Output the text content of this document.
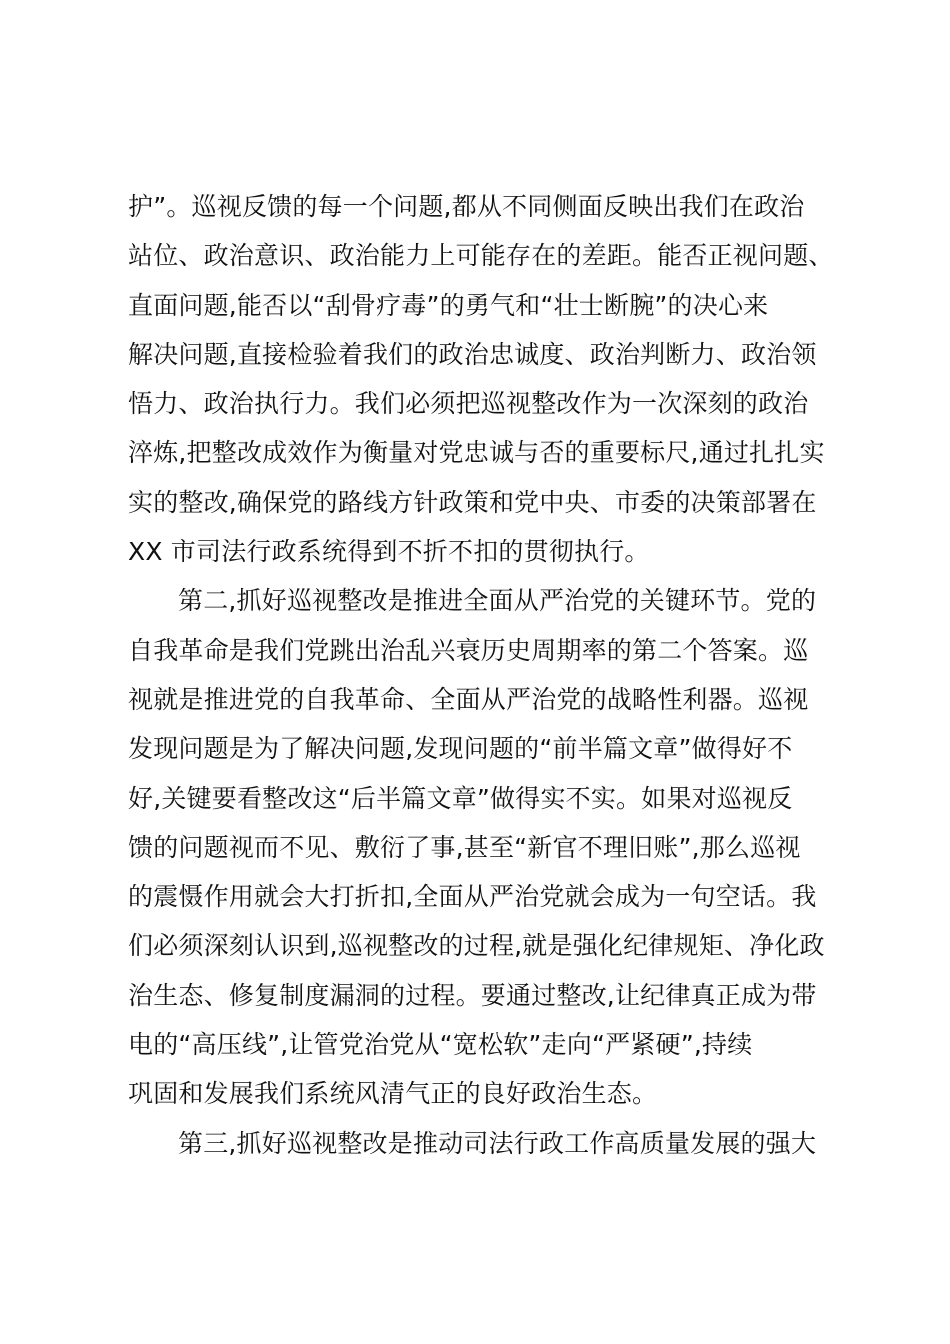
护”。巡视反馈的每一个问题,都从不同侧面反映出我们在政治
站位、政治意识、政治能力上可能存在的差距。能否正视问题、
直面问题,能否以“刮骨疗毒”的勇气和“壮士断腕”的决心来
解决问题,直接检验着我们的政治忠诚度、政治判断力、政治领
悟力、政治执行力。我们必须把巡视整改作为一次深刻的政治
淬炼,把整改成效作为衡量对党忠诚与否的重要标尺,通过扎扎实
实的整改,确保党的路线方针政策和党中央、市委的决策部署在
XX 市司法行政系统得到不折不扣的贯彻执行。
第二,抓好巡视整改是推进全面从严治党的关键环节。党的
自我革命是我们党跳出治乱兴衰历史周期率的第二个答案。巡
视就是推进党的自我革命、全面从严治党的战略性利器。巡视
发现问题是为了解决问题,发现问题的“前半篇文章”做得好不
好,关键要看整改这“后半篇文章”做得实不实。如果对巡视反
馈的问题视而不见、敷衍了事,甚至“新官不理旧账”,那么巡视
的震慑作用就会大打折扣,全面从严治党就会成为一句空话。我
们必须深刻认识到,巡视整改的过程,就是强化纪律规矩、净化政
治生态、修复制度漏洞的过程。要通过整改,让纪律真正成为带
电的“高压线”,让管党治党从“宽松软”走向“严紧硬”,持续
巩固和发展我们系统风清气正的良好政治生态。
第三,抓好巡视整改是推动司法行政工作高质量发展的强大
